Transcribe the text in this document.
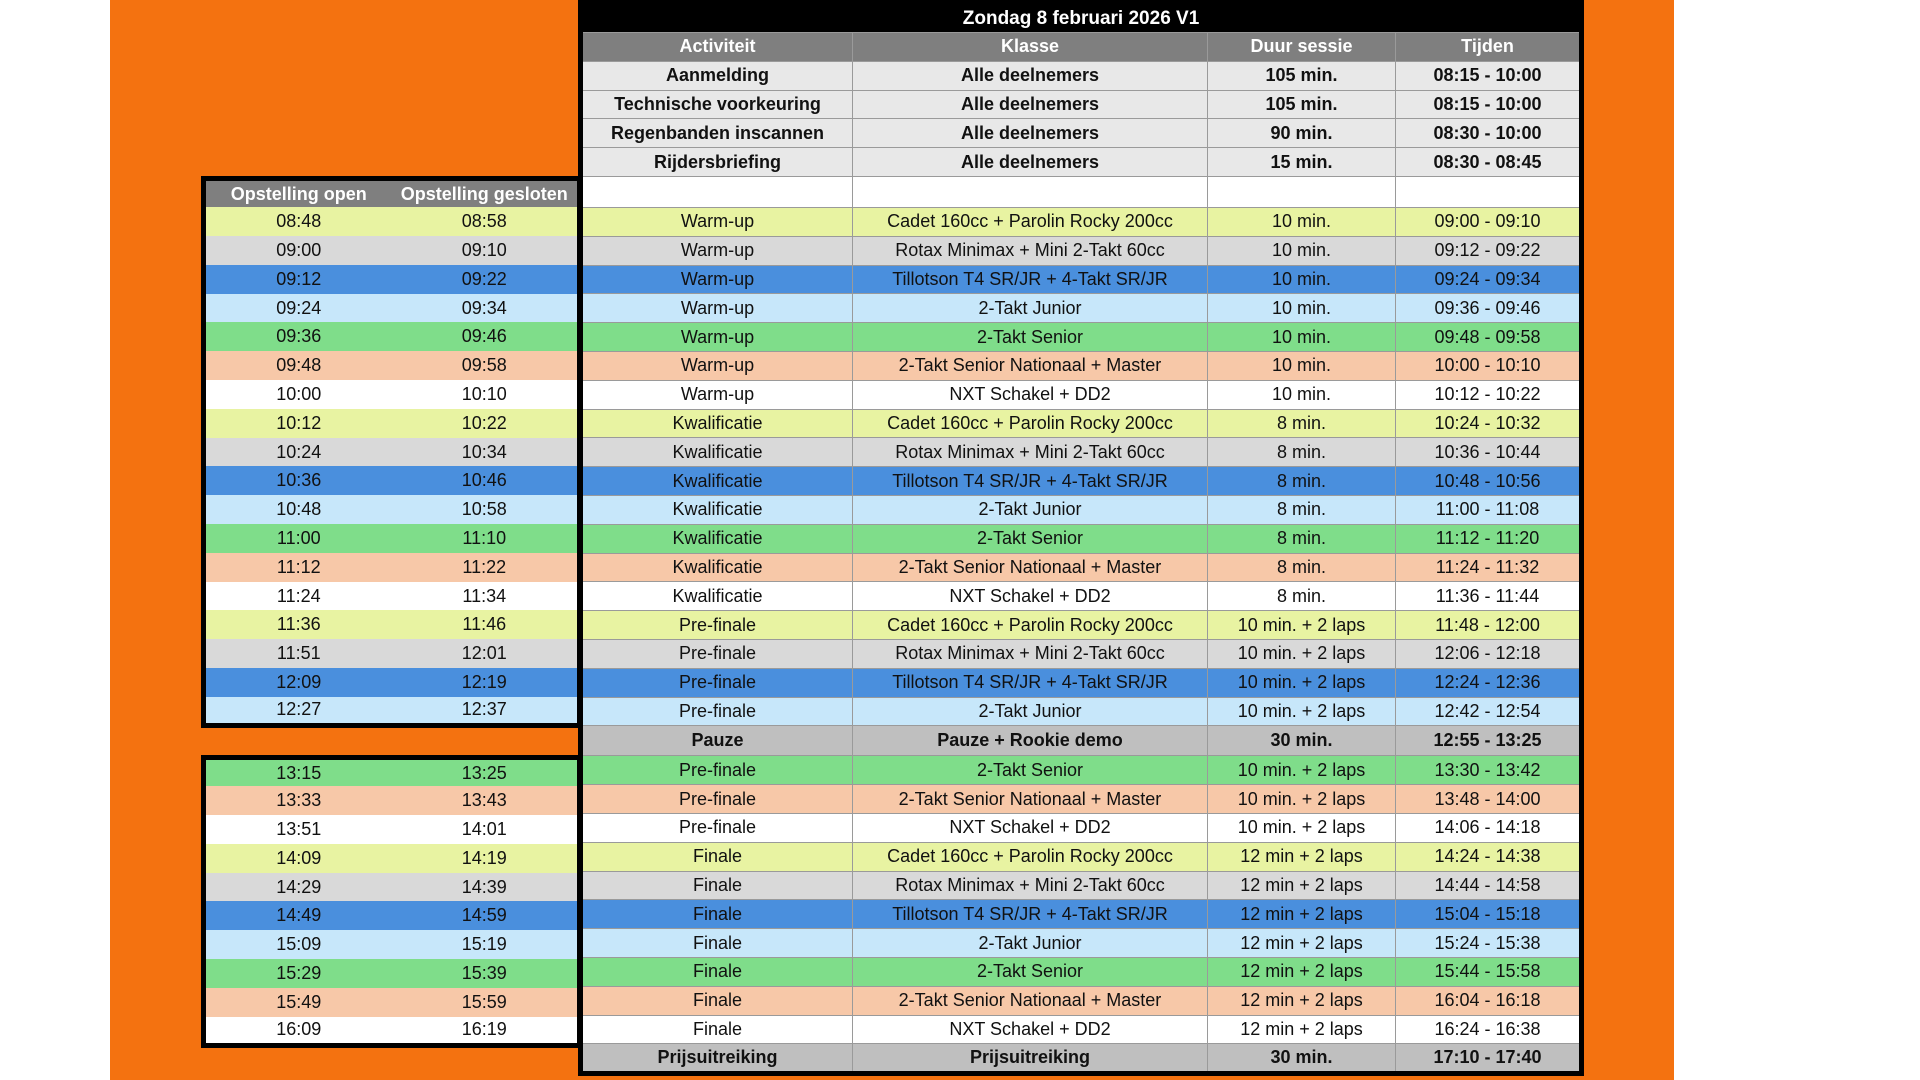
Zondag 8 februari 2026 V1			
Activiteit	Klasse	Duur sessie	Tijden
Aanmelding	Alle deelnemers	105 min.	08:15 - 10:00
Technische voorkeuring	Alle deelnemers	105 min.	08:15 - 10:00
Regenbanden inscannen	Alle deelnemers	90 min.	08:30 - 10:00
Rijdersbriefing	Alle deelnemers	15 min.	08:30 - 08:45

Warm-up	Cadet 160cc + Parolin Rocky 200cc	10 min.	09:00 - 09:10
Warm-up	Rotax Minimax + Mini 2-Takt 60cc	10 min.	09:12 - 09:22
Warm-up	Tillotson T4 SR/JR + 4-Takt SR/JR	10 min.	09:24 - 09:34
Warm-up	2-Takt Junior	10 min.	09:36 - 09:46
Warm-up	2-Takt Senior	10 min.	09:48 - 09:58
Warm-up	2-Takt Senior Nationaal + Master	10 min.	10:00 - 10:10
Warm-up	NXT Schakel + DD2	10 min.	10:12 - 10:22
Kwalificatie	Cadet 160cc + Parolin Rocky 200cc	8 min.	10:24 - 10:32
Kwalificatie	Rotax Minimax + Mini 2-Takt 60cc	8 min.	10:36 - 10:44
Kwalificatie	Tillotson T4 SR/JR + 4-Takt SR/JR	8 min.	10:48 - 10:56
Kwalificatie	2-Takt Junior	8 min.	11:00 - 11:08
Kwalificatie	2-Takt Senior	8 min.	11:12 - 11:20
Kwalificatie	2-Takt Senior Nationaal + Master	8 min.	11:24 - 11:32
Kwalificatie	NXT Schakel + DD2	8 min.	11:36 - 11:44
Pre-finale	Cadet 160cc + Parolin Rocky 200cc	10 min. + 2 laps	11:48 - 12:00
Pre-finale	Rotax Minimax + Mini 2-Takt 60cc	10 min. + 2 laps	12:06 - 12:18
Pre-finale	Tillotson T4 SR/JR + 4-Takt SR/JR	10 min. + 2 laps	12:24 - 12:36
Pre-finale	2-Takt Junior	10 min. + 2 laps	12:42 - 12:54
Pauze	Pauze + Rookie demo	30 min.	12:55 - 13:25
Pre-finale	2-Takt Senior	10 min. + 2 laps	13:30 - 13:42
Pre-finale	2-Takt Senior Nationaal + Master	10 min. + 2 laps	13:48 - 14:00
Pre-finale	NXT Schakel + DD2	10 min. + 2 laps	14:06 - 14:18
Finale	Cadet 160cc + Parolin Rocky 200cc	12 min + 2 laps	14:24 - 14:38
Finale	Rotax Minimax + Mini 2-Takt 60cc	12 min + 2 laps	14:44 - 14:58
Finale	Tillotson T4 SR/JR + 4-Takt SR/JR	12 min + 2 laps	15:04 - 15:18
Finale	2-Takt Junior	12 min + 2 laps	15:24 - 15:38
Finale	2-Takt Senior	12 min + 2 laps	15:44 - 15:58
Finale	2-Takt Senior Nationaal + Master	12 min + 2 laps	16:04 - 16:18
Finale	NXT Schakel + DD2	12 min + 2 laps	16:24 - 16:38
Prijsuitreiking	Prijsuitreiking	30 min.	17:10 - 17:40
Opstelling open	Opstelling gesloten
08:48	08:58
09:00	09:10
09:12	09:22
09:24	09:34
09:36	09:46
09:48	09:58
10:00	10:10
10:12	10:22
10:24	10:34
10:36	10:46
10:48	10:58
11:00	11:10
11:12	11:22
11:24	11:34
11:36	11:46
11:51	12:01
12:09	12:19
12:27	12:37
13:15	13:25
13:33	13:43
13:51	14:01
14:09	14:19
14:29	14:39
14:49	14:59
15:09	15:19
15:29	15:39
15:49	15:59
16:09	16:19
